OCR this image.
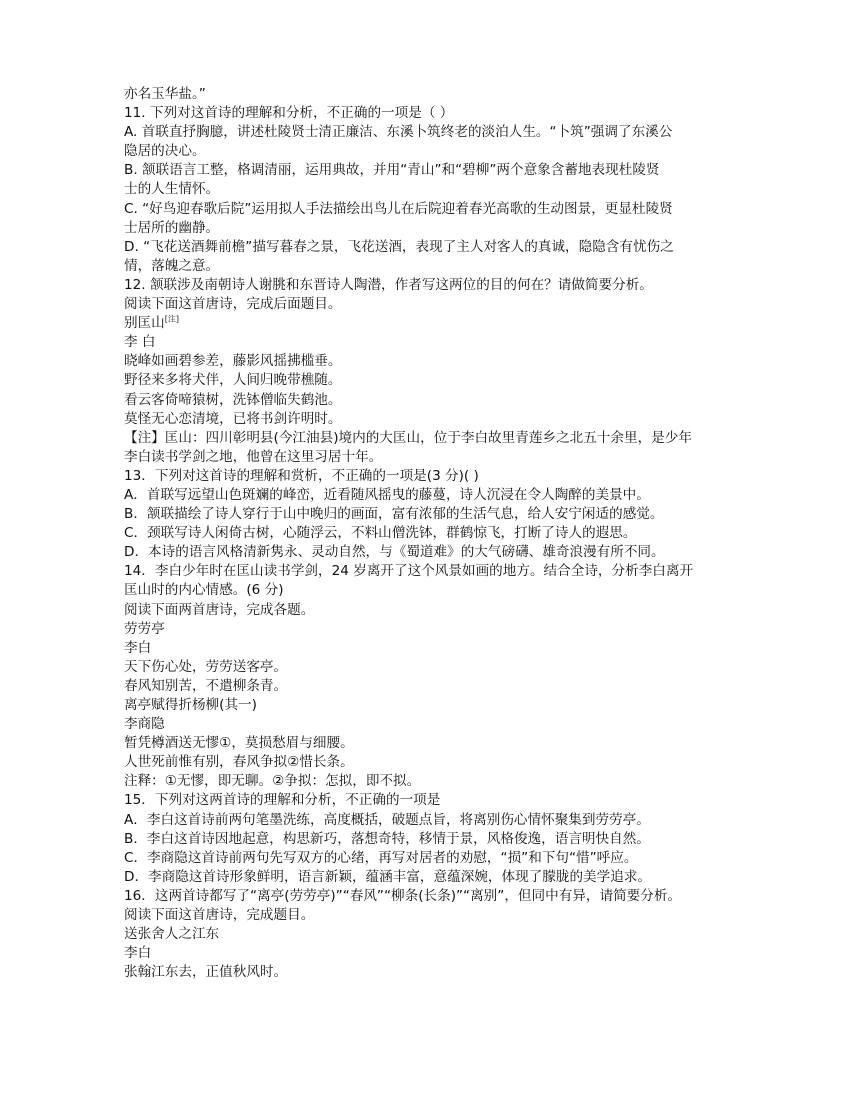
亦名玉华盐。”
11. 下列对这首诗的理解和分析，不正确的一项是（ ）
A. 首联直抒胸臆，讲述杜陵贤士清正廉洁、东溪卜筑终老的淡泊人生。“卜筑”强调了东溪公
隐居的决心。
B. 颔联语言工整，格调清丽，运用典故，并用“青山”和“碧柳”两个意象含蓄地表现杜陵贤
士的人生情怀。
C. “好鸟迎春歌后院”运用拟人手法描绘出鸟儿在后院迎着春光高歌的生动图景，更显杜陵贤
士居所的幽静。
D. “飞花送酒舞前檐”描写暮春之景，飞花送酒，表现了主人对客人的真诚，隐隐含有忧伤之
情，落魄之意。
12. 颔联涉及南朝诗人谢朓和东晋诗人陶潜，作者写这两位的目的何在？请做简要分析。
阅读下面这首唐诗，完成后面题目。
别匡山[注]
李 白
晓峰如画碧参差，藤影风摇拂槛垂。
野径来多将犬伴，人间归晚带樵随。
看云客倚啼猿树，洗钵僧临失鹤池。
莫怪无心恋清境，已将书剑许明时。
【注】匡山：四川彰明县(今江油县)境内的大匡山，位于李白故里青莲乡之北五十余里，是少年
李白读书学剑之地，他曾在这里习居十年。
13．下列对这首诗的理解和赏析，不正确的一项是(3 分)( )
A．首联写远望山色斑斓的峰峦，近看随风摇曳的藤蔓，诗人沉浸在令人陶醉的美景中。
B．颔联描绘了诗人穿行于山中晚归的画面，富有浓郁的生活气息，给人安宁闲适的感觉。
C．颈联写诗人闲倚古树，心随浮云，不料山僧洗钵，群鹤惊飞，打断了诗人的遐思。
D．本诗的语言风格清新隽永、灵动自然，与《蜀道难》的大气磅礴、雄奇浪漫有所不同。
14．李白少年时在匡山读书学剑，24 岁离开了这个风景如画的地方。结合全诗，分析李白离开
匡山时的内心情感。(6 分)
阅读下面两首唐诗，完成各题。
劳劳亭
李白
天下伤心处，劳劳送客亭。
春风知别苦，不遣柳条青。
离亭赋得折杨柳(其一)
李商隐
暂凭樽酒送无憀①，莫损愁眉与细腰。
人世死前惟有别，春风争拟②惜长条。
注释：①无憀，即无聊。②争拟：怎拟，即不拟。
15．下列对这两首诗的理解和分析，不正确的一项是
A．李白这首诗前两句笔墨洗练，高度概括，破题点旨，将离别伤心情怀聚集到劳劳亭。
B．李白这首诗因地起意，构思新巧，落想奇特，移情于景，风格俊逸，语言明快自然。
C．李商隐这首诗前两句先写双方的心绪，再写对居者的劝慰，“损”和下句“惜”呼应。
D．李商隐这首诗形象鲜明，语言新颖，蕴涵丰富，意蕴深婉，体现了朦胧的美学追求。
16．这两首诗都写了“离亭(劳劳亭)”“春风”“柳条(长条)”“离别”，但同中有异，请简要分析。
阅读下面这首唐诗，完成题目。
送张舍人之江东
李白
张翰江东去，正值秋风时。
